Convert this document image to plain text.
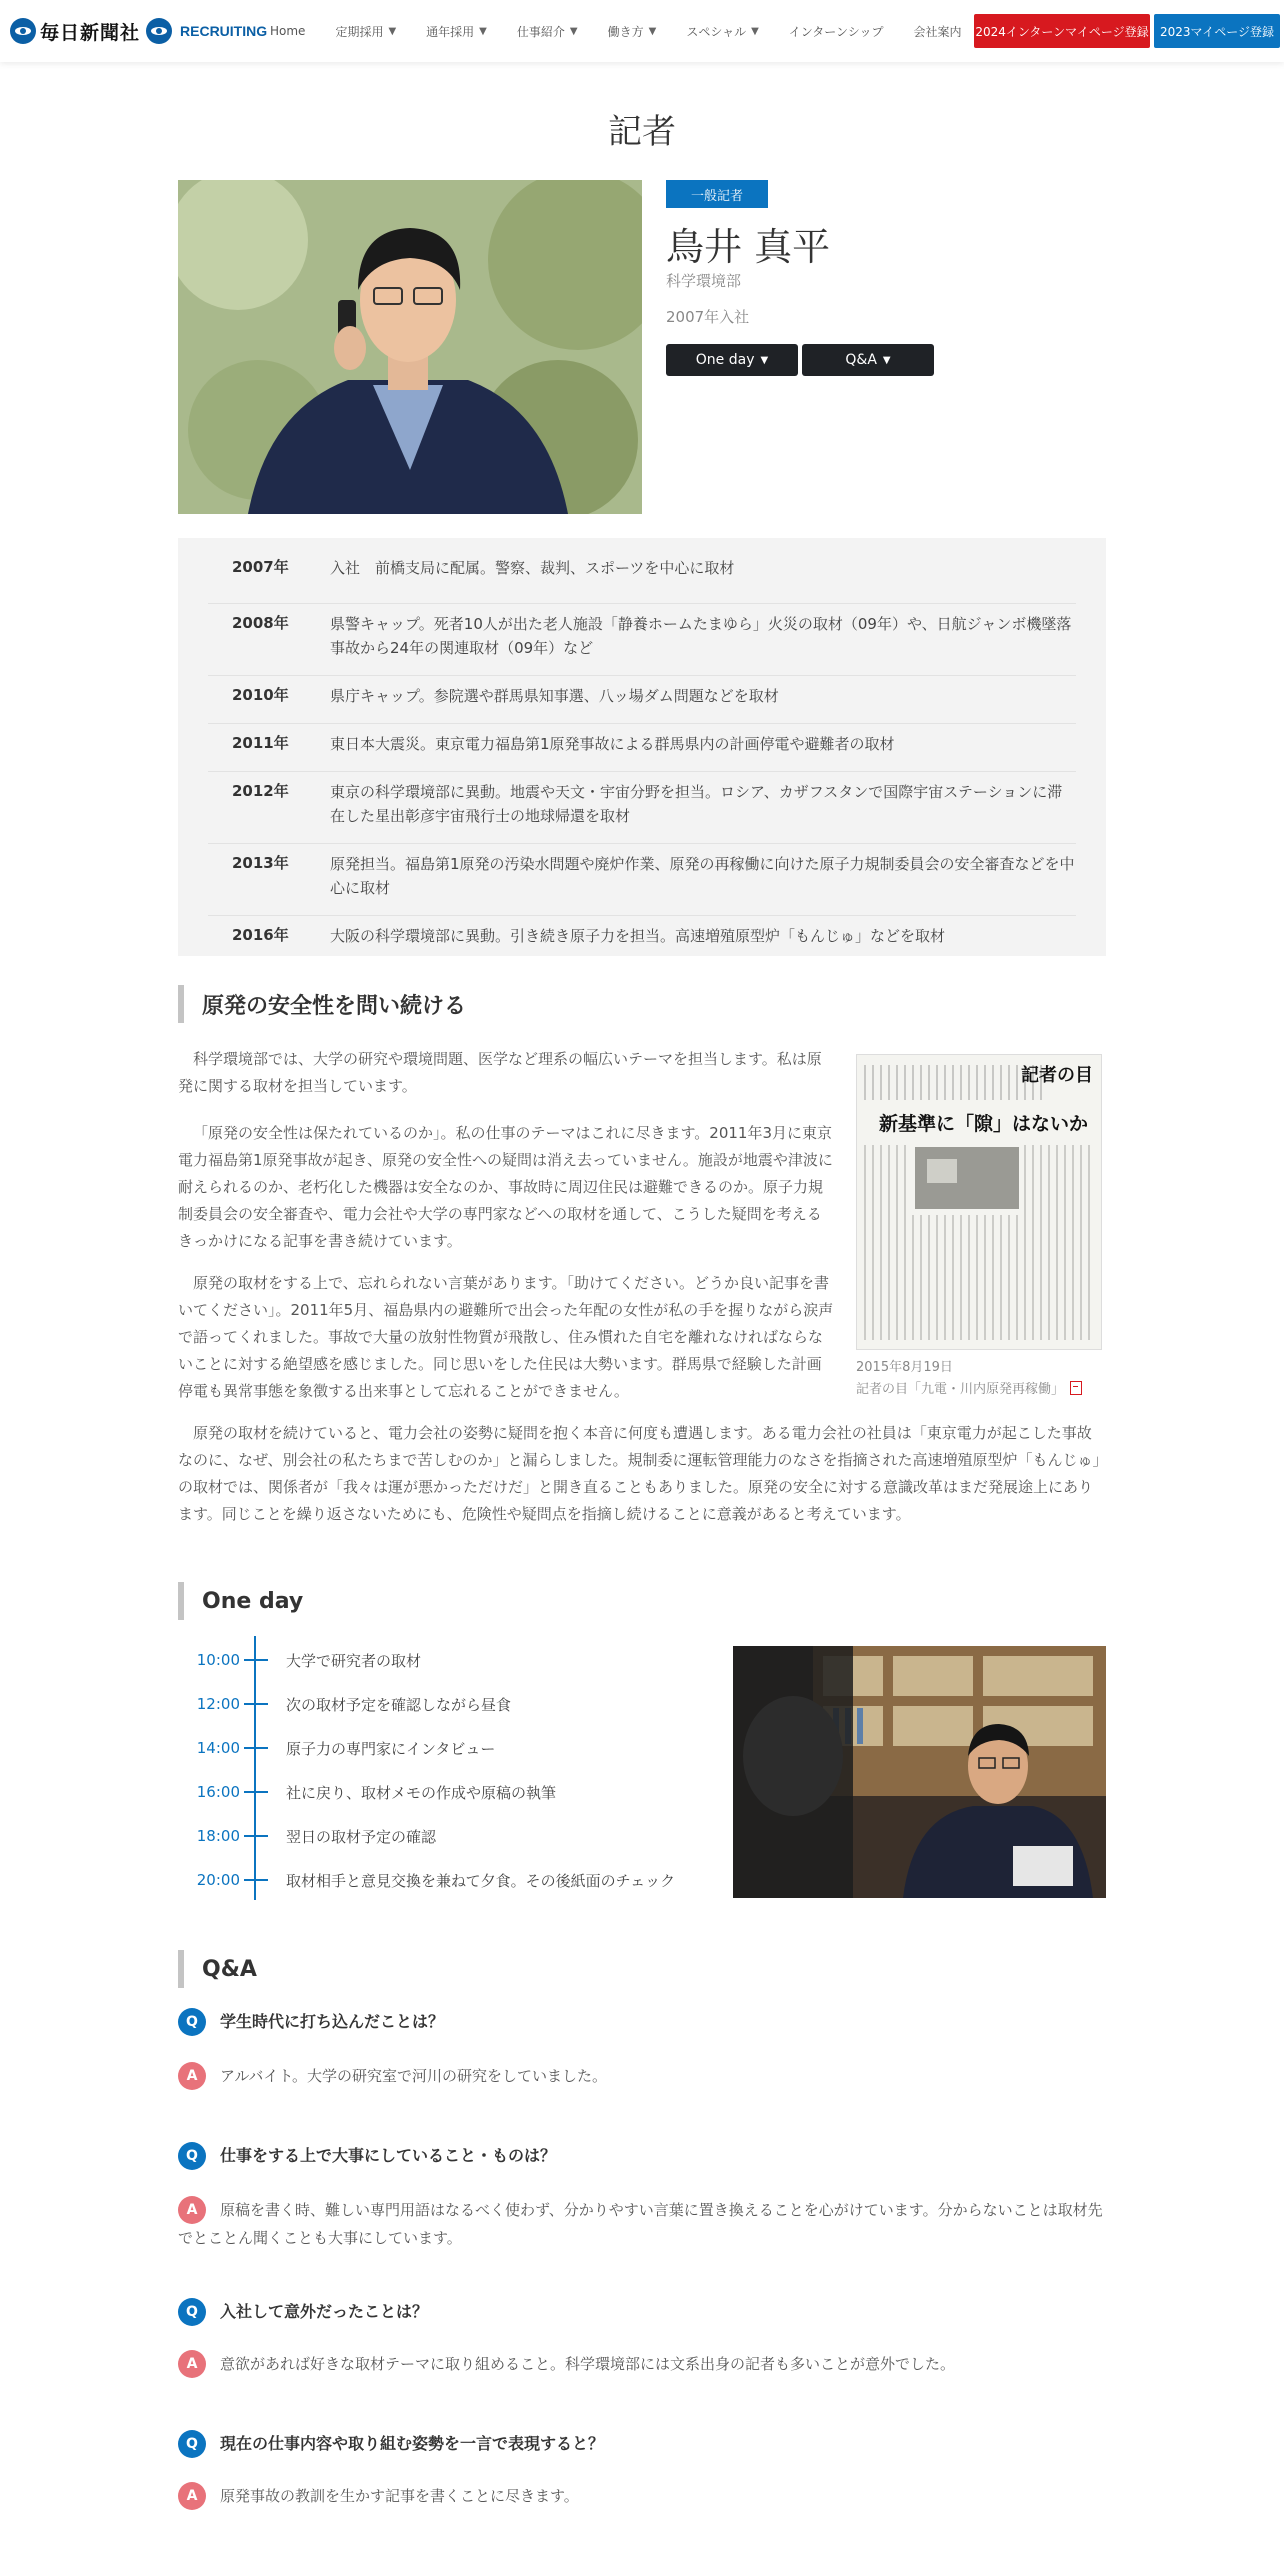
毎日新聞社	RECRUITING Home	定期採用 ▼	通年採用 ▼	仕事紹介 ▼	働き方 ▼	スペシャル ▼	インターンシップ	会社案内 2024インターンマイページ登録 2023マイページ登録
記者
一般記者
鳥井 真平
科学環境部
2007年入社
One day ▼	Q&A ▼
2007年	入社　前橋支局に配属。警察、裁判、スポーツを中心に取材
2008年	県警キャップ。死者10人が出た老人施設「静養ホームたまゆら」火災の取材（09年）や、日航ジャンボ機墜落事故から24年の関連取材（09年）など
2010年	県庁キャップ。参院選や群馬県知事選、八ッ場ダム問題などを取材
2011年	東日本大震災。東京電力福島第1原発事故による群馬県内の計画停電や避難者の取材
2012年	東京の科学環境部に異動。地震や天文・宇宙分野を担当。ロシア、カザフスタンで国際宇宙ステーションに滞在した星出彰彦宇宙飛行士の地球帰還を取材
2013年	原発担当。福島第1原発の汚染水問題や廃炉作業、原発の再稼働に向けた原子力規制委員会の安全審査などを中心に取材
2016年	大阪の科学環境部に異動。引き続き原子力を担当。高速増殖原型炉「もんじゅ」などを取材
原発の安全性を問い続ける
科学環境部では、大学の研究や環境問題、医学など理系の幅広いテーマを担当します。私は原発に関する取材を担当しています。
「原発の安全性は保たれているのか」。私の仕事のテーマはこれに尽きます。2011年3月に東京電力福島第1原発事故が起き、原発の安全性への疑問は消え去っていません。施設が地震や津波に耐えられるのか、老朽化した機器は安全なのか、事故時に周辺住民は避難できるのか。原子力規制委員会の安全審査や、電力会社や大学の専門家などへの取材を通して、こうした疑問を考えるきっかけになる記事を書き続けています。
原発の取材をする上で、忘れられない言葉があります。「助けてください。どうか良い記事を書いてください」。2011年5月、福島県内の避難所で出会った年配の女性が私の手を握りながら涙声で語ってくれました。事故で大量の放射性物質が飛散し、住み慣れた自宅を離れなければならないことに対する絶望感を感じました。同じ思いをした住民は大勢います。群馬県で経験した計画停電も異常事態を象徴する出来事として忘れることができません。
原発の取材を続けていると、電力会社の姿勢に疑問を抱く本音に何度も遭遇します。ある電力会社の社員は「東京電力が起こした事故なのに、なぜ、別会社の私たちまで苦しむのか」と漏らしました。規制委に運転管理能力のなさを指摘された高速増殖原型炉「もんじゅ」の取材では、関係者が「我々は運が悪かっただけだ」と開き直ることもありました。原発の安全に対する意識改革はまだ発展途上にあります。同じことを繰り返さないためにも、危険性や疑問点を指摘し続けることに意義があると考えています。
記者の目
新基準に「隙」はないか
2015年8月19日
記者の目「九電・川内原発再稼働」
One day
10:00	大学で研究者の取材
12:00	次の取材予定を確認しながら昼食
14:00	原子力の専門家にインタビュー
16:00	社に戻り、取材メモの作成や原稿の執筆
18:00	翌日の取材予定の確認
20:00	取材相手と意見交換を兼ねて夕食。その後紙面のチェック
Q&A
Q	学生時代に打ち込んだことは？
A	アルバイト。大学の研究室で河川の研究をしていました。
Q	仕事をする上で大事にしていること・ものは？
A	原稿を書く時、難しい専門用語はなるべく使わず、分かりやすい言葉に置き換えることを心がけています。分からないことは取材先でとことん聞くことも大事にしています。
Q	入社して意外だったことは？
A	意欲があれば好きな取材テーマに取り組めること。科学環境部には文系出身の記者も多いことが意外でした。
Q	現在の仕事内容や取り組む姿勢を一言で表現すると？
A	原発事故の教訓を生かす記事を書くことに尽きます。
